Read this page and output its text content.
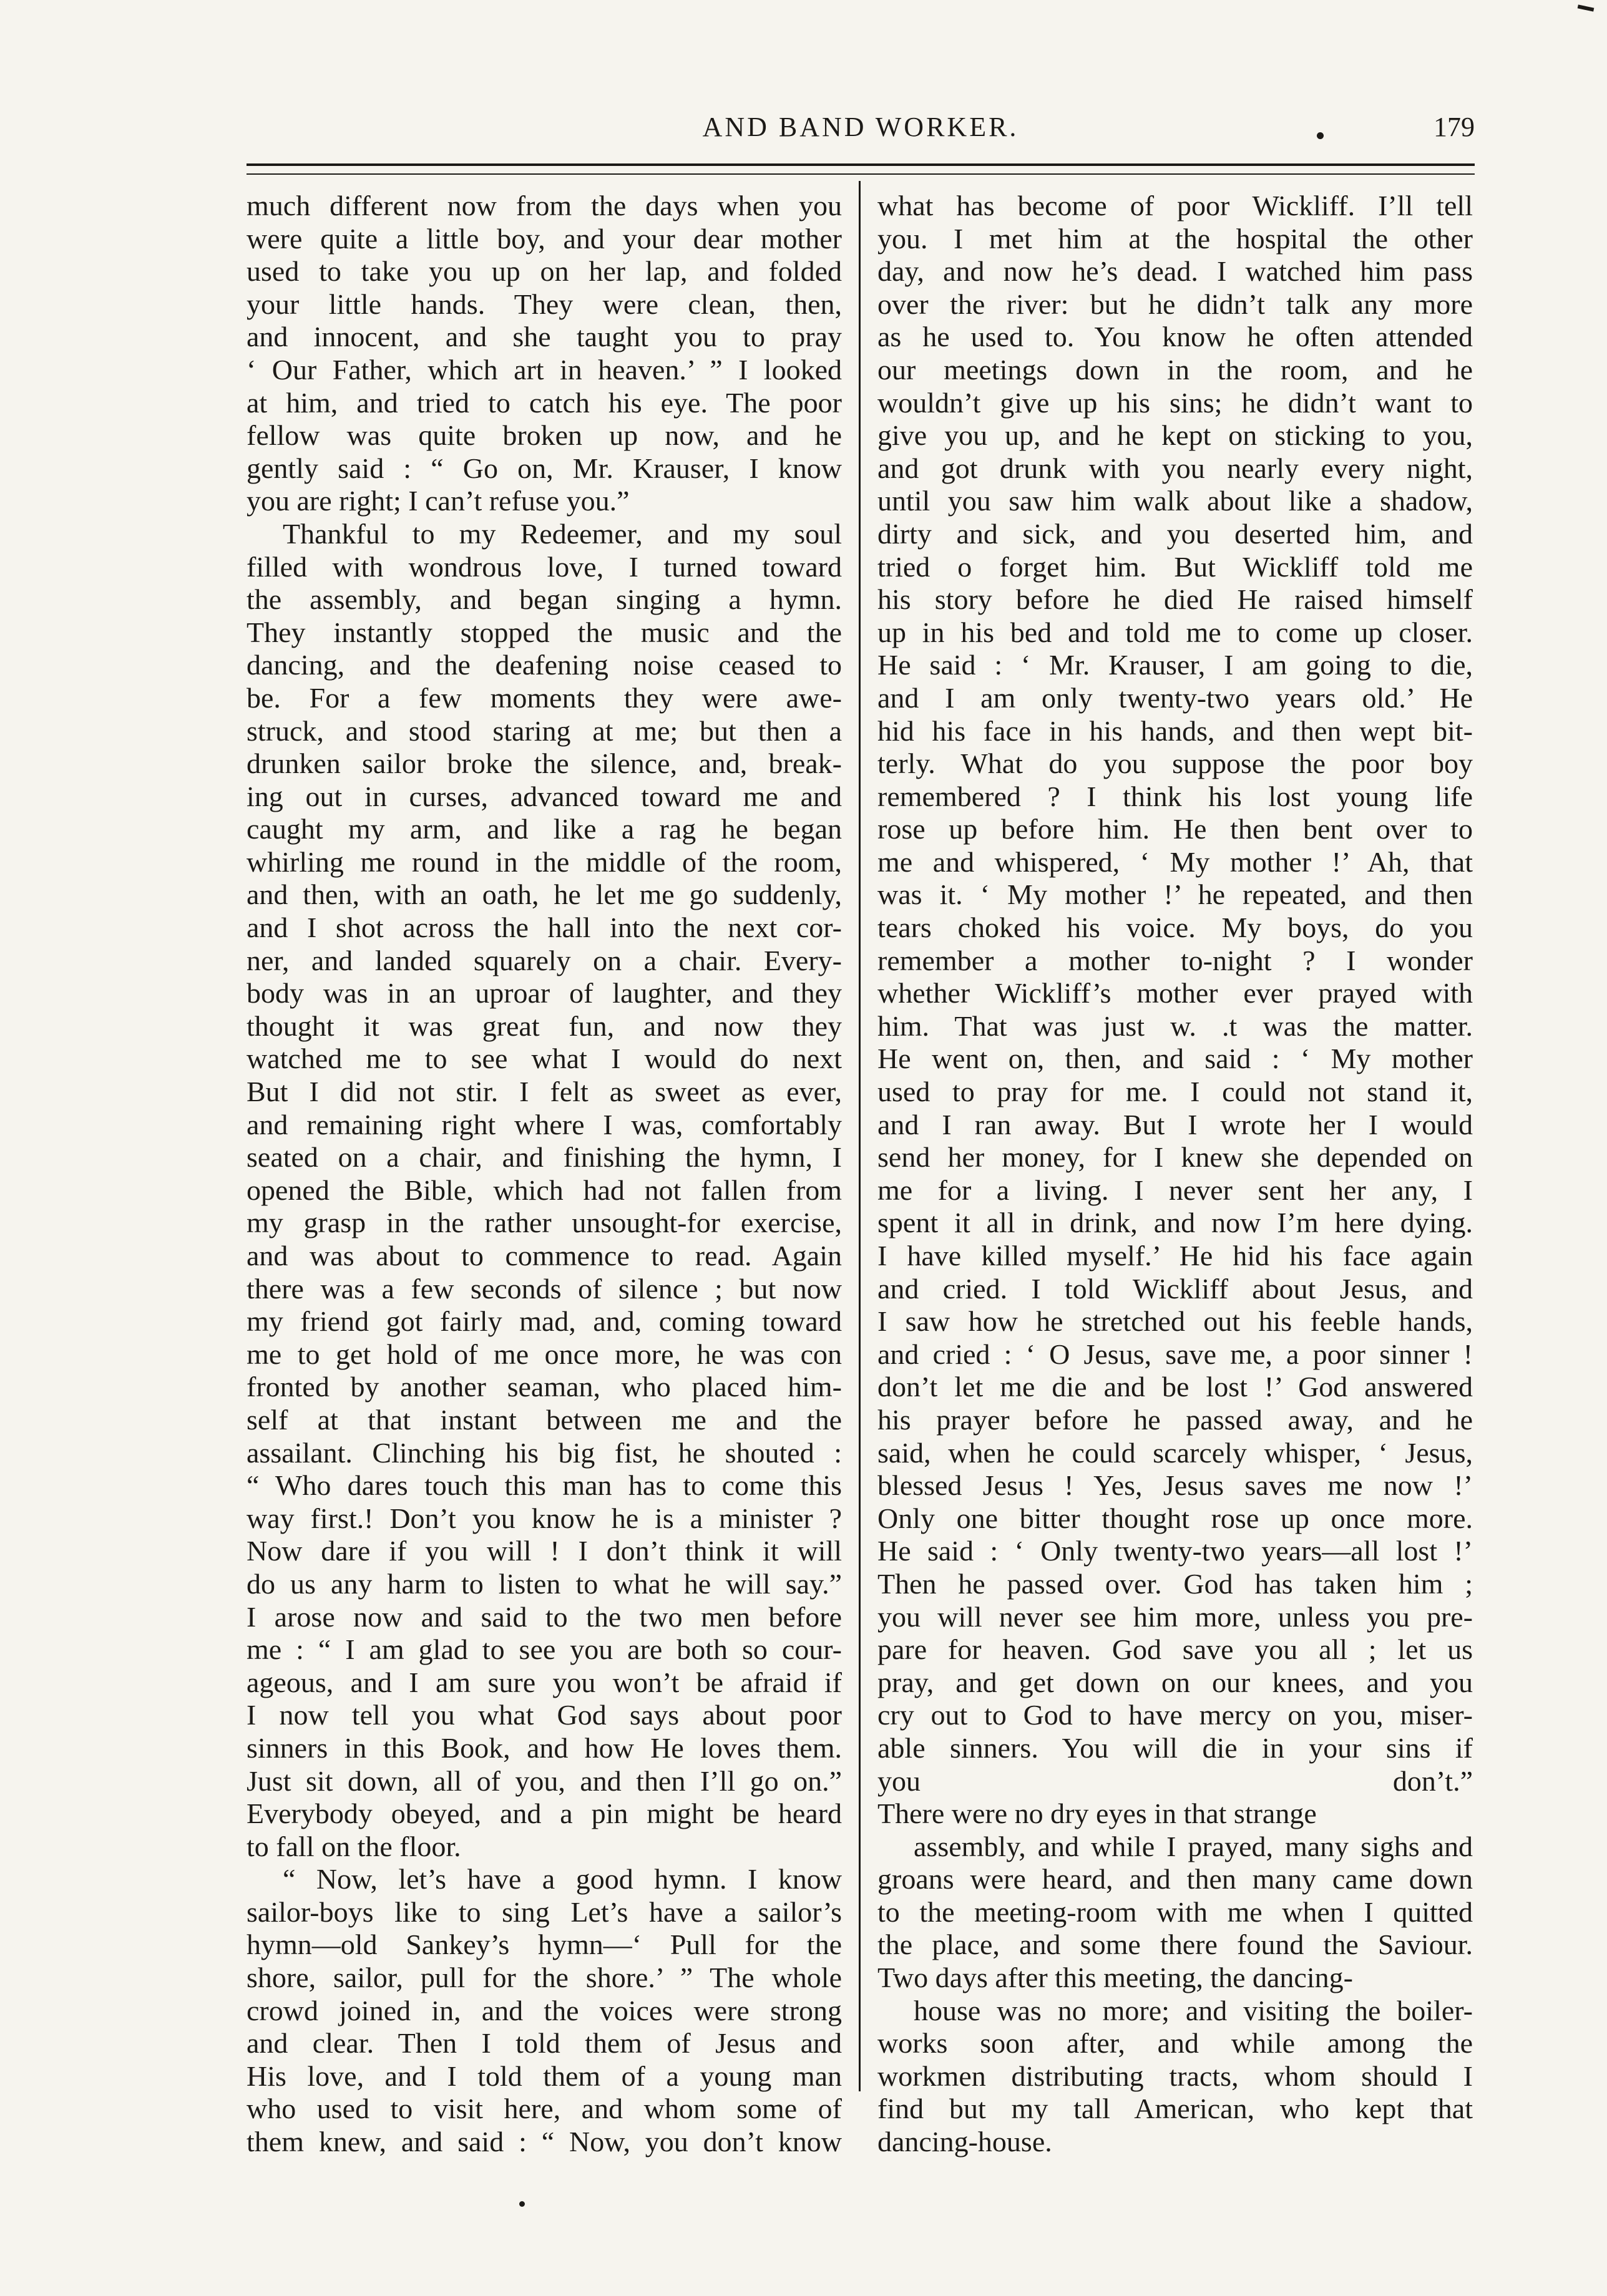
AND BAND WORKER.	179
much different now from the days when you
were quite a little boy, and your dear mother
used to take you up on her lap, and folded
your little hands. They were clean, then,
and innocent, and she taught you to pray
‘ Our Father, which art in heaven.’ ” I looked
at him, and tried to catch his eye. The poor
fellow was quite broken up now, and he
gently said : “ Go on, Mr. Krauser, I know
you are right; I can’t refuse you.”
Thankful to my Redeemer, and my soul
filled with wondrous love, I turned toward
the assembly, and began singing a hymn.
They instantly stopped the music and the
dancing, and the deafening noise ceased to
be. For a few moments they were awe-
struck, and stood staring at me; but then a
drunken sailor broke the silence, and, break-
ing out in curses, advanced toward me and
caught my arm, and like a rag he began
whirling me round in the middle of the room,
and then, with an oath, he let me go suddenly,
and I shot across the hall into the next cor-
ner, and landed squarely on a chair. Every-
body was in an uproar of laughter, and they
thought it was great fun, and now they
watched me to see what I would do next
But I did not stir. I felt as sweet as ever,
and remaining right where I was, comfortably
seated on a chair, and finishing the hymn, I
opened the Bible, which had not fallen from
my grasp in the rather unsought-for exercise,
and was about to commence to read. Again
there was a few seconds of silence ; but now
my friend got fairly mad, and, coming toward
me to get hold of me once more, he was con
fronted by another seaman, who placed him-
self at that instant between me and the
assailant. Clinching his big fist, he shouted :
“ Who dares touch this man has to come this
way first.! Don’t you know he is a minister ?
Now dare if you will ! I don’t think it will
do us any harm to listen to what he will say.”
I arose now and said to the two men before
me : “ I am glad to see you are both so cour-
ageous, and I am sure you won’t be afraid if
I now tell you what God says about poor
sinners in this Book, and how He loves them.
Just sit down, all of you, and then I’ll go on.”
Everybody obeyed, and a pin might be heard
to fall on the floor.
“ Now, let’s have a good hymn. I know
sailor-boys like to sing Let’s have a sailor’s
hymn—old Sankey’s hymn—‘ Pull for the
shore, sailor, pull for the shore.’ ” The whole
crowd joined in, and the voices were strong
and clear. Then I told them of Jesus and
His love, and I told them of a young man
who used to visit here, and whom some of
them knew, and said : “ Now, you don’t know
what has become of poor Wickliff. I’ll tell
you. I met him at the hospital the other
day, and now he’s dead. I watched him pass
over the river: but he didn’t talk any more
as he used to. You know he often attended
our meetings down in the room, and he
wouldn’t give up his sins; he didn’t want to
give you up, and he kept on sticking to you,
and got drunk with you nearly every night,
until you saw him walk about like a shadow,
dirty and sick, and you deserted him, and
tried o forget him. But Wickliff told me
his story before he died He raised himself
up in his bed and told me to come up closer.
He said : ‘ Mr. Krauser, I am going to die,
and I am only twenty-two years old.’ He
hid his face in his hands, and then wept bit-
terly. What do you suppose the poor boy
remembered ? I think his lost young life
rose up before him. He then bent over to
me and whispered, ‘ My mother !’ Ah, that
was it. ‘ My mother !’ he repeated, and then
tears choked his voice. My boys, do you
remember a mother to-night ? I wonder
whether Wickliff’s mother ever prayed with
him. That was just w. .t was the matter.
He went on, then, and said : ‘ My mother
used to pray for me. I could not stand it,
and I ran away. But I wrote her I would
send her money, for I knew she depended on
me for a living. I never sent her any, I
spent it all in drink, and now I’m here dying.
I have killed myself.’ He hid his face again
and cried. I told Wickliff about Jesus, and
I saw how he stretched out his feeble hands,
and cried : ‘ O Jesus, save me, a poor sinner !
don’t let me die and be lost !’ God answered
his prayer before he passed away, and he
said, when he could scarcely whisper, ‘ Jesus,
blessed Jesus ! Yes, Jesus saves me now !’
Only one bitter thought rose up once more.
He said : ‘ Only twenty-two years—all lost !’
Then he passed over. God has taken him ;
you will never see him more, unless you pre-
pare for heaven. God save you all ; let us
pray, and get down on our knees, and you
cry out to God to have mercy on you, miser-
able sinners. You will die in your sins if
you don’t.”
There were no dry eyes in that strange
assembly, and while I prayed, many sighs and
groans were heard, and then many came down
to the meeting-room with me when I quitted
the place, and some there found the Saviour.
Two days after this meeting, the dancing-
house was no more; and visiting the boiler-
works soon after, and while among the
workmen distributing tracts, whom should I
find but my tall American, who kept that
dancing-house.
